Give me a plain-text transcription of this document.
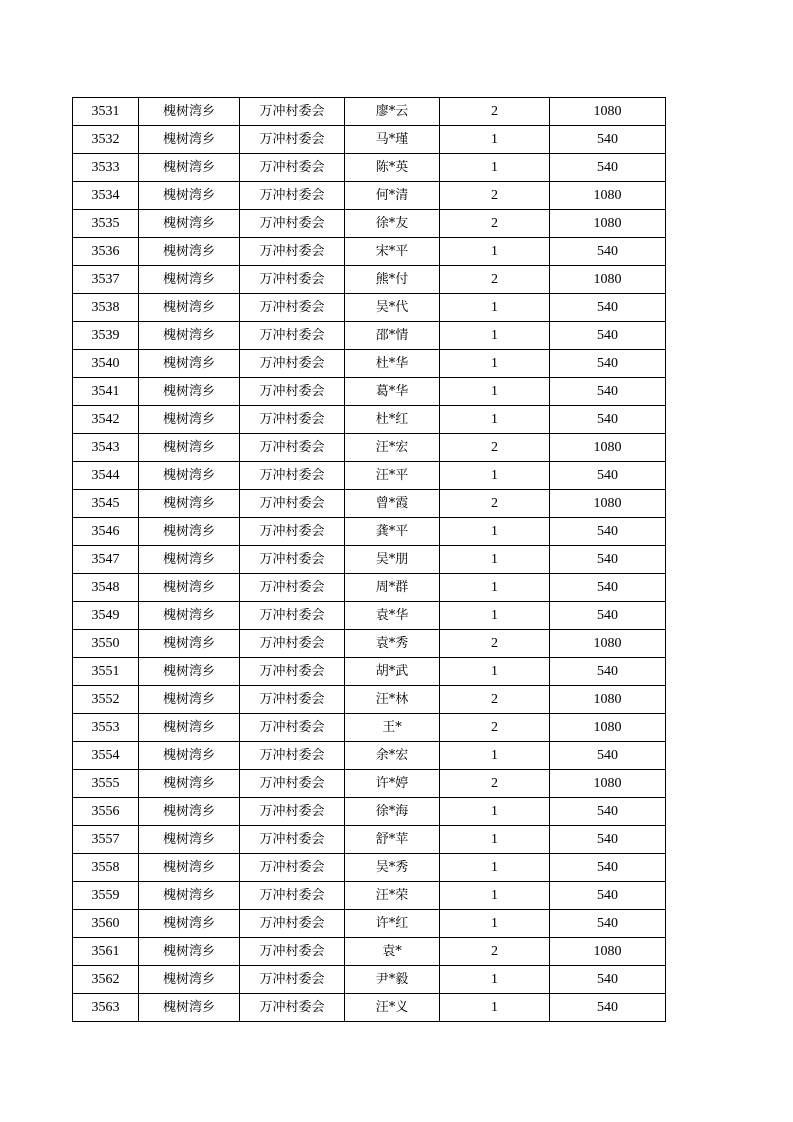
3531	槐树湾乡	万冲村委会	廖*云	2	1080
3532	槐树湾乡	万冲村委会	马*瑾	1	540
3533	槐树湾乡	万冲村委会	陈*英	1	540
3534	槐树湾乡	万冲村委会	何*清	2	1080
3535	槐树湾乡	万冲村委会	徐*友	2	1080
3536	槐树湾乡	万冲村委会	宋*平	1	540
3537	槐树湾乡	万冲村委会	熊*付	2	1080
3538	槐树湾乡	万冲村委会	吴*代	1	540
3539	槐树湾乡	万冲村委会	邵*情	1	540
3540	槐树湾乡	万冲村委会	杜*华	1	540
3541	槐树湾乡	万冲村委会	葛*华	1	540
3542	槐树湾乡	万冲村委会	杜*红	1	540
3543	槐树湾乡	万冲村委会	汪*宏	2	1080
3544	槐树湾乡	万冲村委会	汪*平	1	540
3545	槐树湾乡	万冲村委会	曾*霞	2	1080
3546	槐树湾乡	万冲村委会	龚*平	1	540
3547	槐树湾乡	万冲村委会	吴*朋	1	540
3548	槐树湾乡	万冲村委会	周*群	1	540
3549	槐树湾乡	万冲村委会	袁*华	1	540
3550	槐树湾乡	万冲村委会	袁*秀	2	1080
3551	槐树湾乡	万冲村委会	胡*武	1	540
3552	槐树湾乡	万冲村委会	汪*林	2	1080
3553	槐树湾乡	万冲村委会	王*	2	1080
3554	槐树湾乡	万冲村委会	余*宏	1	540
3555	槐树湾乡	万冲村委会	许*婷	2	1080
3556	槐树湾乡	万冲村委会	徐*海	1	540
3557	槐树湾乡	万冲村委会	舒*苹	1	540
3558	槐树湾乡	万冲村委会	吴*秀	1	540
3559	槐树湾乡	万冲村委会	汪*荣	1	540
3560	槐树湾乡	万冲村委会	许*红	1	540
3561	槐树湾乡	万冲村委会	袁*	2	1080
3562	槐树湾乡	万冲村委会	尹*毅	1	540
3563	槐树湾乡	万冲村委会	汪*义	1	540
